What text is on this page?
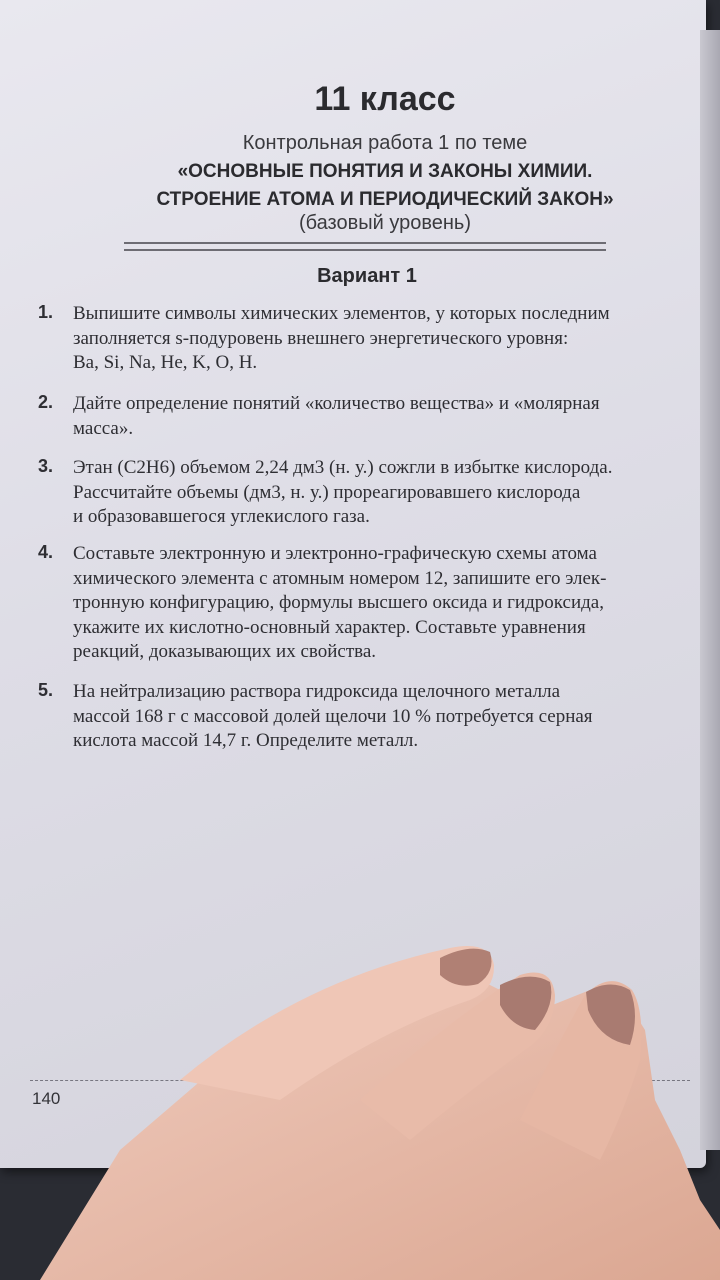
11 класс
Контрольная работа 1 по теме
«ОСНОВНЫЕ ПОНЯТИЯ И ЗАКОНЫ ХИМИИ.
СТРОЕНИЕ АТОМА И ПЕРИОДИЧЕСКИЙ ЗАКОН»
(базовый уровень)
Вариант 1
1.	Выпишите символы химических элементов, у которых последним
заполняется s-подуровень внешнего энергетического уровня:
Ba, Si, Na, He, K, O, H.
2.	Дайте определение понятий «количество вещества» и «молярная
масса».
3.	Этан (C2H6) объемом 2,24 дм3 (н. у.) сожгли в избытке кислорода.
Рассчитайте объемы (дм3, н. у.) прореагировавшего кислорода
и образовавшегося углекислого газа.
4.	Составьте электронную и электронно-графическую схемы атома
химического элемента с атомным номером 12, запишите его элек-
тронную конфигурацию, формулы высшего оксида и гидроксида,
укажите их кислотно-основный характер. Составьте уравнения
реакций, доказывающих их свойства.
5.	На нейтрализацию раствора гидроксида щелочного металла
массой 168 г с массовой долей щелочи 10 % потребуется серная
кислота массой 14,7 г. Определите металл.
140
